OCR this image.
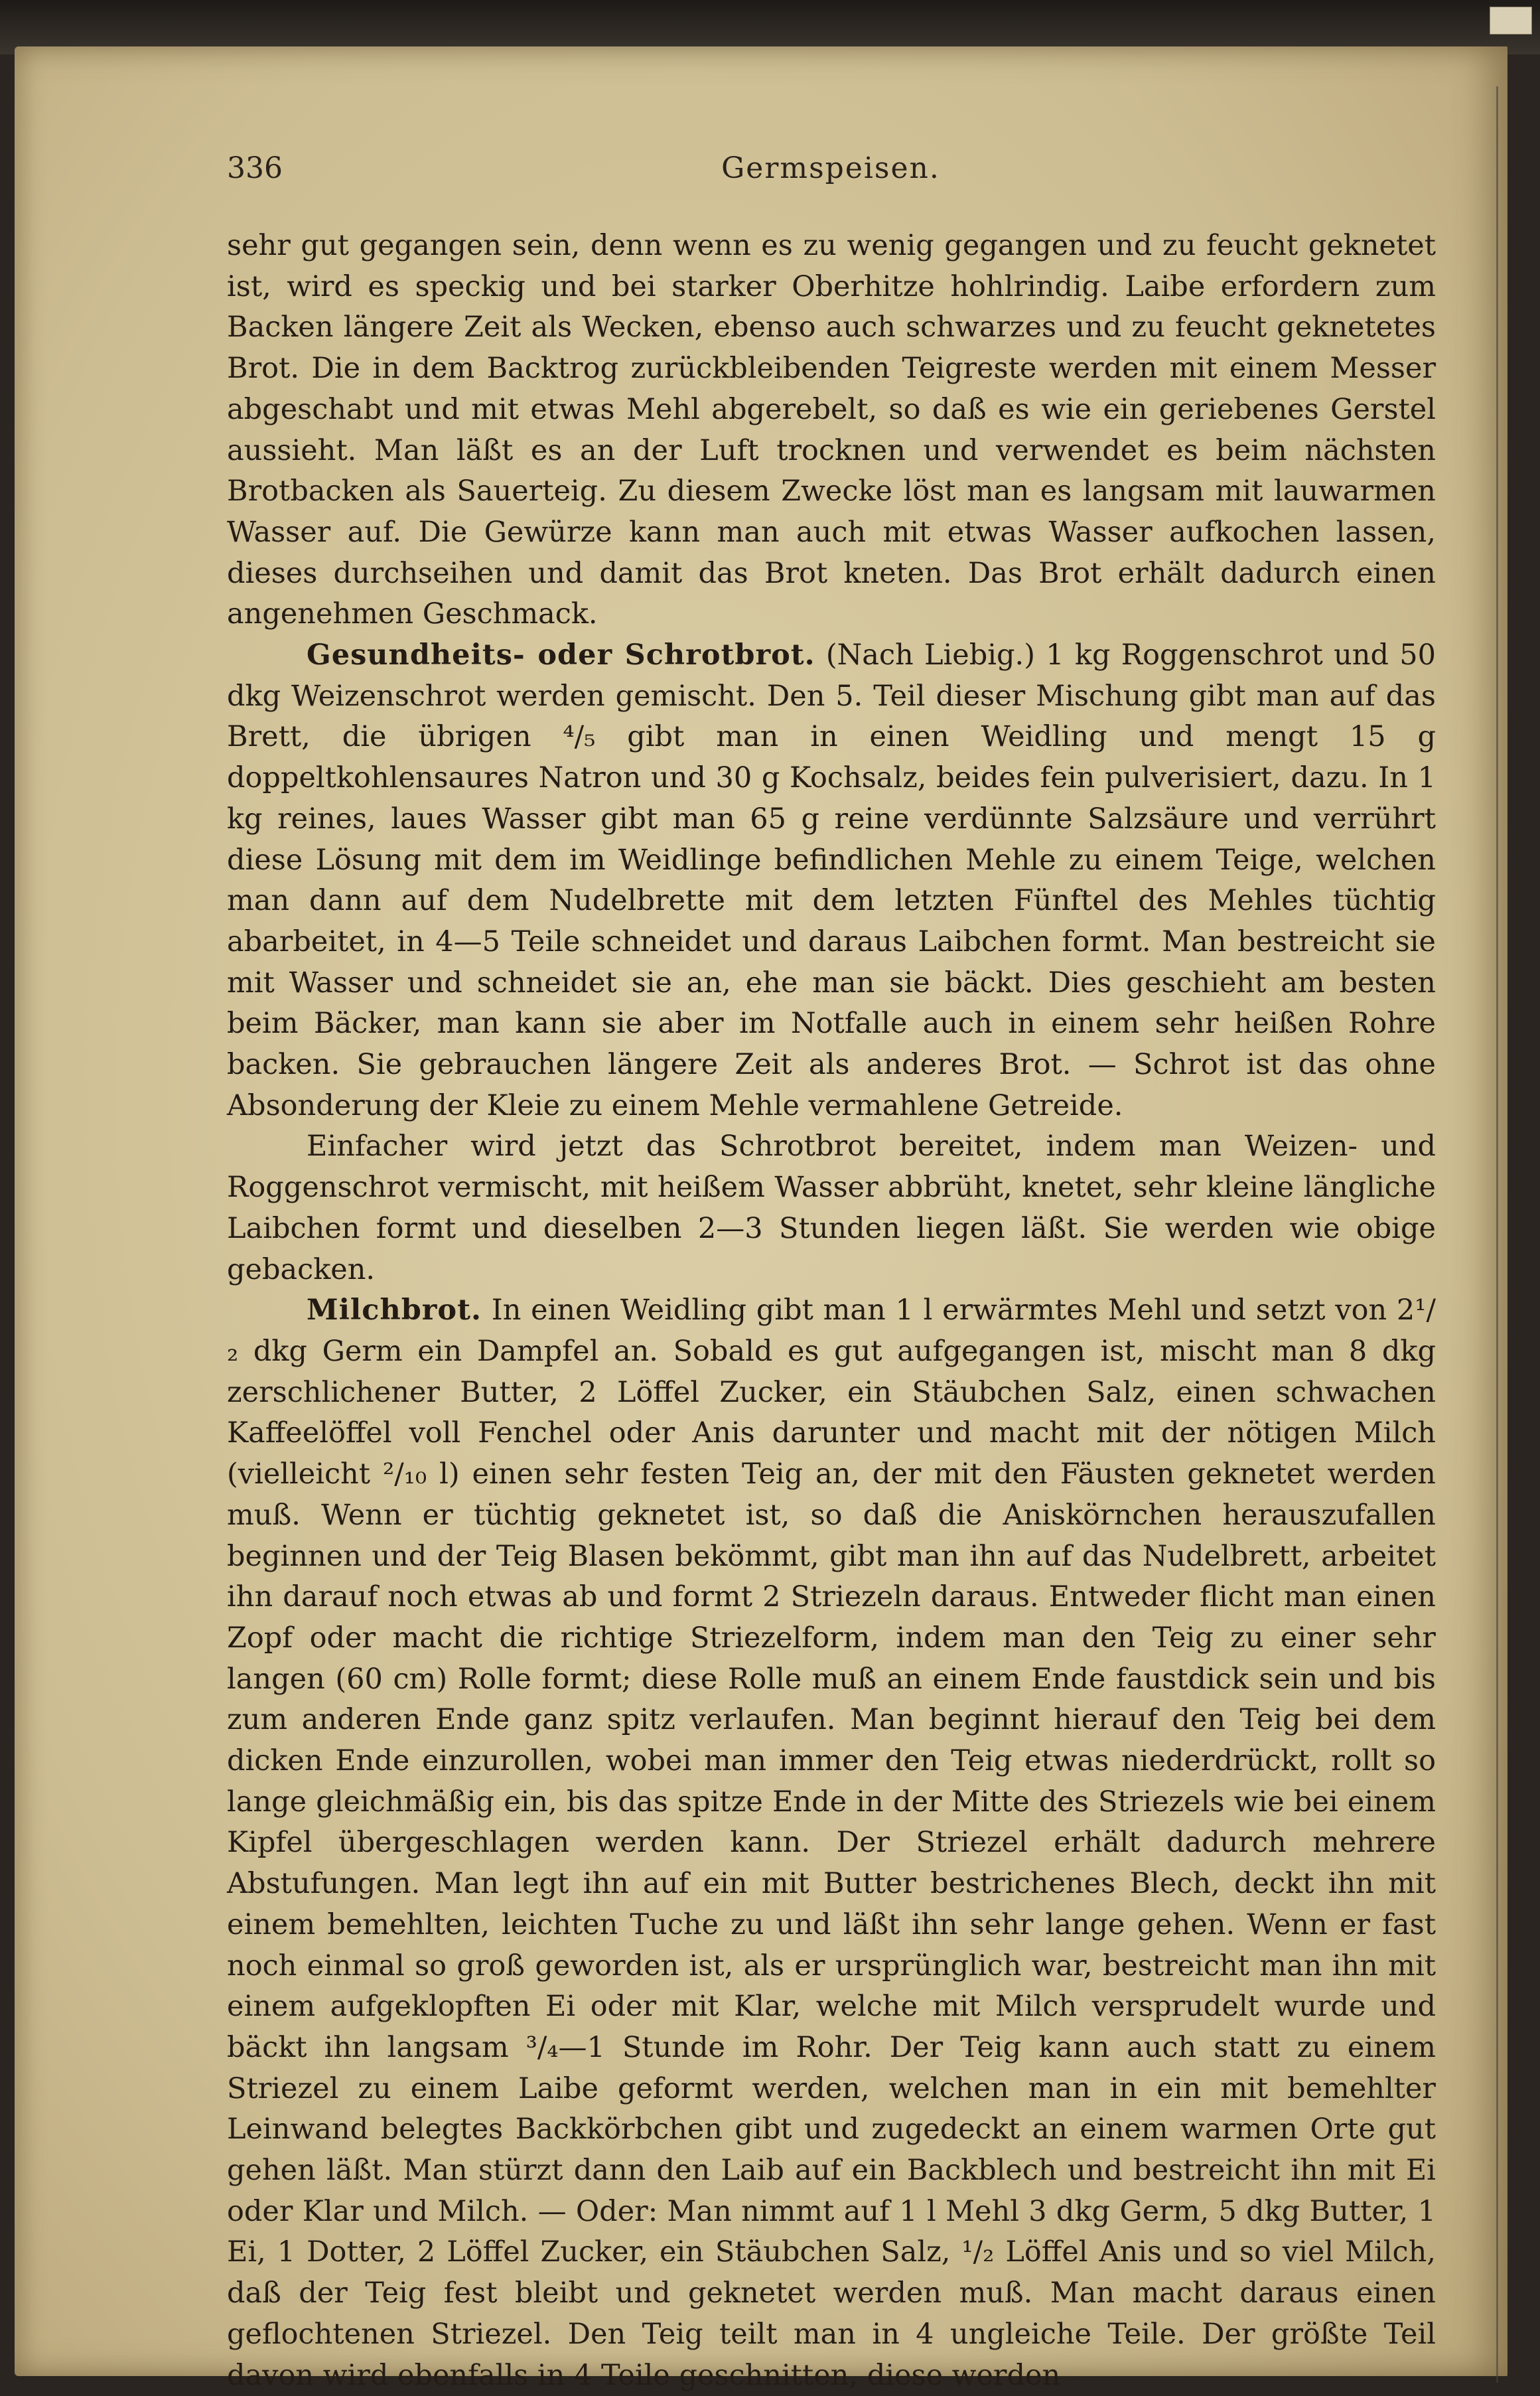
336	Germspeisen.

sehr gut gegangen sein, denn wenn es zu wenig gegangen und zu feucht geknetet ist, wird es speckig und bei starker Oberhitze hohlrindig. Laibe erfordern zum Backen längere Zeit als Wecken, ebenso auch schwarzes und zu feucht geknetetes Brot. Die in dem Backtrog zurückbleibenden Teigreste werden mit einem Messer abgeschabt und mit etwas Mehl abgerebelt, so daß es wie ein geriebenes Gerstel aussieht. Man läßt es an der Luft trocknen und verwendet es beim nächsten Brotbacken als Sauerteig. Zu diesem Zwecke löst man es langsam mit lauwarmen Wasser auf. Die Gewürze kann man auch mit etwas Wasser aufkochen lassen, dieses durchseihen und damit das Brot kneten. Das Brot erhält dadurch einen angenehmen Geschmack.

Gesundheits- oder Schrotbrot. (Nach Liebig.) 1 kg Roggenschrot und 50 dkg Weizenschrot werden gemischt. Den 5. Teil dieser Mischung gibt man auf das Brett, die übrigen ⁴/₅ gibt man in einen Weidling und mengt 15 g doppeltkohlensaures Natron und 30 g Kochsalz, beides fein pulverisiert, dazu. In 1 kg reines, laues Wasser gibt man 65 g reine verdünnte Salzsäure und verrührt diese Lösung mit dem im Weidlinge befindlichen Mehle zu einem Teige, welchen man dann auf dem Nudelbrette mit dem letzten Fünftel des Mehles tüchtig abarbeitet, in 4—5 Teile schneidet und daraus Laibchen formt. Man bestreicht sie mit Wasser und schneidet sie an, ehe man sie bäckt. Dies geschieht am besten beim Bäcker, man kann sie aber im Notfalle auch in einem sehr heißen Rohre backen. Sie gebrauchen längere Zeit als anderes Brot. — Schrot ist das ohne Absonderung der Kleie zu einem Mehle vermahlene Getreide.

Einfacher wird jetzt das Schrotbrot bereitet, indem man Weizen- und Roggenschrot vermischt, mit heißem Wasser abbrüht, knetet, sehr kleine längliche Laibchen formt und dieselben 2—3 Stunden liegen läßt. Sie werden wie obige gebacken.

Milchbrot. In einen Weidling gibt man 1 l erwärmtes Mehl und setzt von 2¹/₂ dkg Germ ein Dampfel an. Sobald es gut aufgegangen ist, mischt man 8 dkg zerschlichener Butter, 2 Löffel Zucker, ein Stäubchen Salz, einen schwachen Kaffeelöffel voll Fenchel oder Anis darunter und macht mit der nötigen Milch (vielleicht ²/₁₀ l) einen sehr festen Teig an, der mit den Fäusten geknetet werden muß. Wenn er tüchtig geknetet ist, so daß die Aniskörnchen herauszufallen beginnen und der Teig Blasen bekömmt, gibt man ihn auf das Nudelbrett, arbeitet ihn darauf noch etwas ab und formt 2 Striezeln daraus. Entweder flicht man einen Zopf oder macht die richtige Striezelform, indem man den Teig zu einer sehr langen (60 cm) Rolle formt; diese Rolle muß an einem Ende faustdick sein und bis zum anderen Ende ganz spitz verlaufen. Man beginnt hierauf den Teig bei dem dicken Ende einzurollen, wobei man immer den Teig etwas niederdrückt, rollt so lange gleichmäßig ein, bis das spitze Ende in der Mitte des Striezels wie bei einem Kipfel übergeschlagen werden kann. Der Striezel erhält dadurch mehrere Abstufungen. Man legt ihn auf ein mit Butter bestrichenes Blech, deckt ihn mit einem bemehlten, leichten Tuche zu und läßt ihn sehr lange gehen. Wenn er fast noch einmal so groß geworden ist, als er ursprünglich war, bestreicht man ihn mit einem aufgeklopften Ei oder mit Klar, welche mit Milch versprudelt wurde und bäckt ihn langsam ³/₄—1 Stunde im Rohr. Der Teig kann auch statt zu einem Striezel zu einem Laibe geformt werden, welchen man in ein mit bemehlter Leinwand belegtes Backkörbchen gibt und zugedeckt an einem warmen Orte gut gehen läßt. Man stürzt dann den Laib auf ein Backblech und bestreicht ihn mit Ei oder Klar und Milch. — Oder: Man nimmt auf 1 l Mehl 3 dkg Germ, 5 dkg Butter, 1 Ei, 1 Dotter, 2 Löffel Zucker, ein Stäubchen Salz, ¹/₂ Löffel Anis und so viel Milch, daß der Teig fest bleibt und geknetet werden muß. Man macht daraus einen geflochtenen Striezel. Den Teig teilt man in 4 ungleiche Teile. Der größte Teil davon wird ebenfalls in 4 Teile geschnitten, diese werden
